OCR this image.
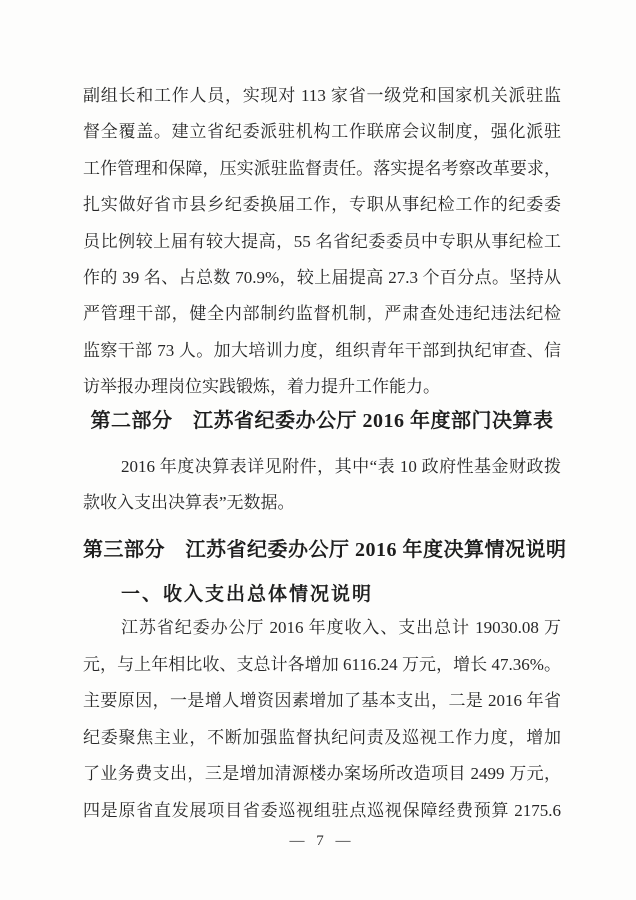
副组长和工作人员，实现对 113 家省一级党和国家机关派驻监
督全覆盖。建立省纪委派驻机构工作联席会议制度，强化派驻
工作管理和保障，压实派驻监督责任。落实提名考察改革要求，
扎实做好省市县乡纪委换届工作，专职从事纪检工作的纪委委
员比例较上届有较大提高，55 名省纪委委员中专职从事纪检工
作的 39 名、占总数 70.9%，较上届提高 27.3 个百分点。坚持从
严管理干部，健全内部制约监督机制，严肃查处违纪违法纪检
监察干部 73 人。加大培训力度，组织青年干部到执纪审查、信
访举报办理岗位实践锻炼，着力提升工作能力。
第二部分　江苏省纪委办公厅 2016 年度部门决算表
2016 年度决算表详见附件，其中“表 10 政府性基金财政拨
款收入支出决算表”无数据。
第三部分　江苏省纪委办公厅 2016 年度决算情况说明
一、收入支出总体情况说明
江苏省纪委办公厅 2016 年度收入、支出总计 19030.08 万
元，与上年相比收、支总计各增加 6116.24 万元，增长 47.36%。
主要原因，一是增人增资因素增加了基本支出，二是 2016 年省
纪委聚焦主业，不断加强监督执纪问责及巡视工作力度，增加
了业务费支出，三是增加清源楼办案场所改造项目 2499 万元，
四是原省直发展项目省委巡视组驻点巡视保障经费预算 2175.6
— 7 —
